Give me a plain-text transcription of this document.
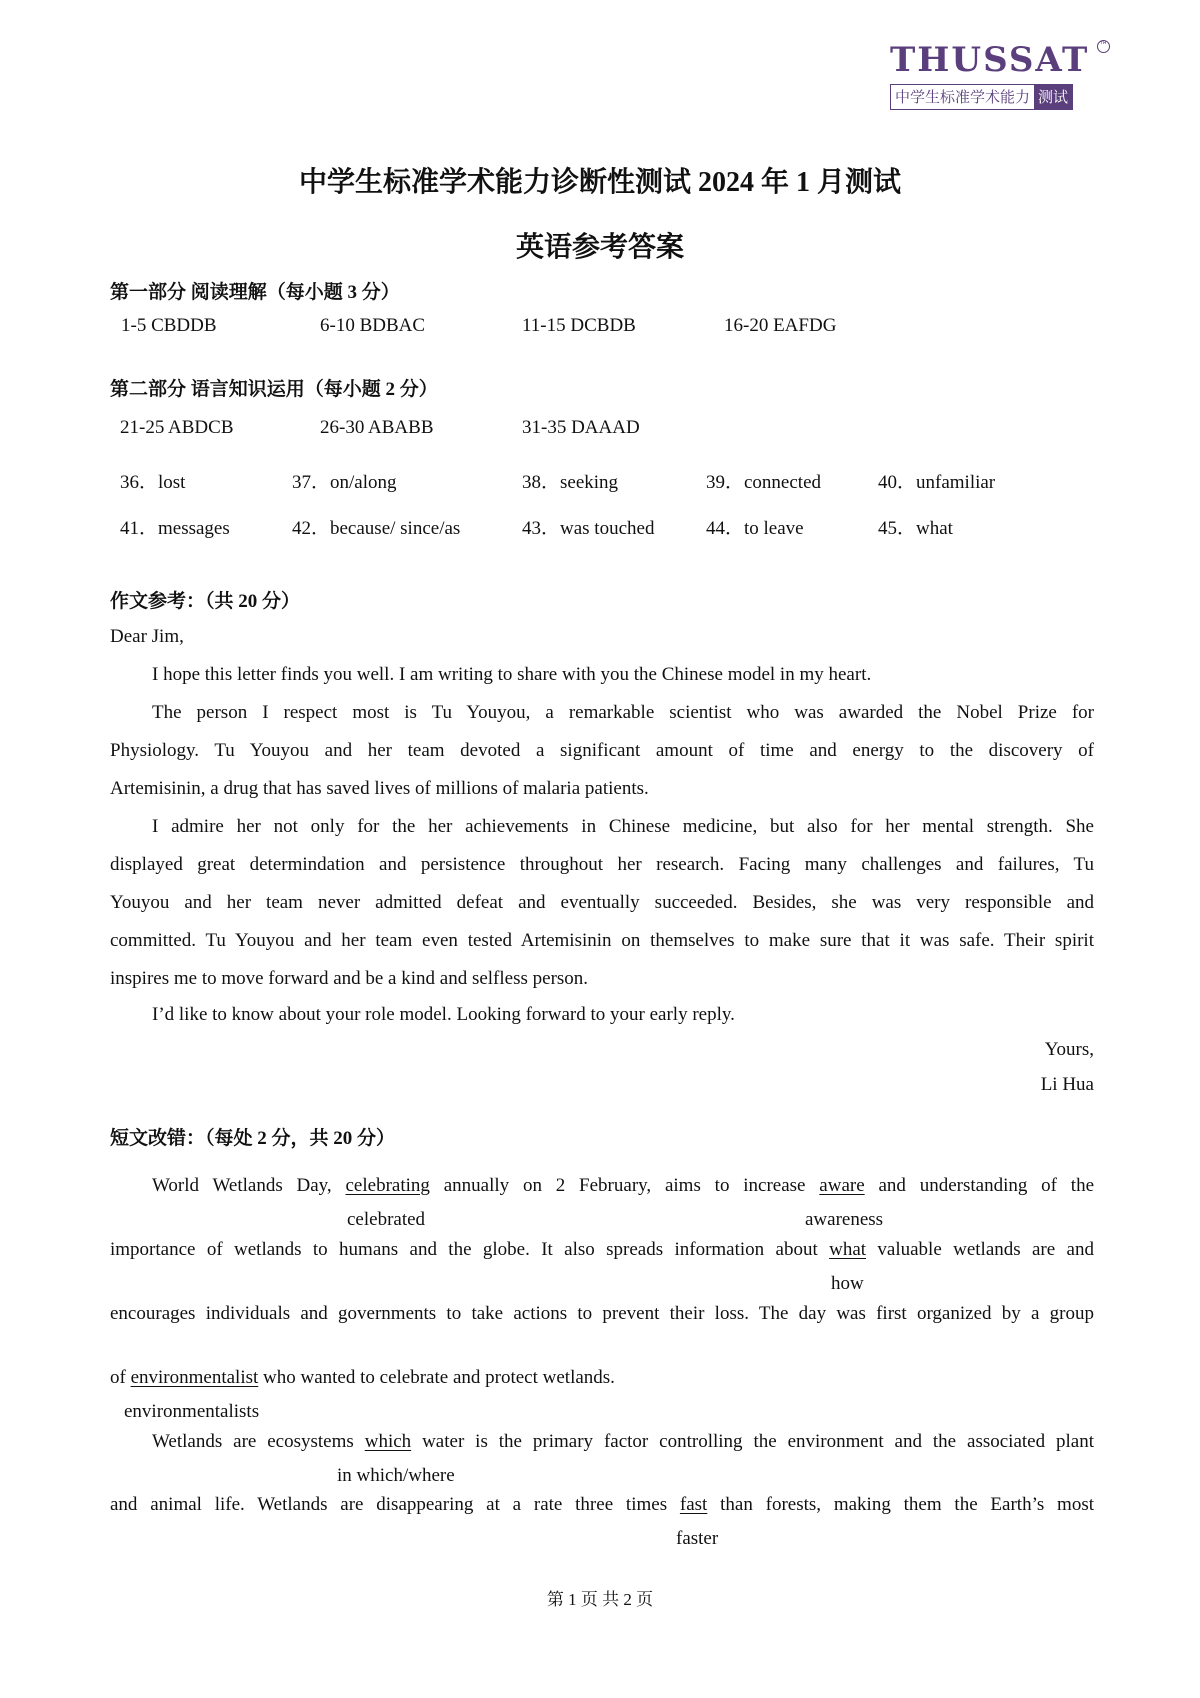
THUSSAT ™
中学生标准学术能力 测试
中学生标准学术能力诊断性测试 2024 年 1 月测试
英语参考答案
第一部分 阅读理解（每小题 3 分）
1-5 CBDDB	6-10 BDBAC	11-15 DCBDB	16-20 EAFDG
第二部分 语言知识运用（每小题 2 分）
21-25 ABDCB	26-30 ABABB	31-35 DAAAD
36．lost	37．on/along	38．seeking	39．connected	40．unfamiliar
41．messages	42．because/ since/as	43．was touched	44．to leave	45．what
作文参考：（共 20 分）
Dear Jim,
I hope this letter finds you well. I am writing to share with you the Chinese model in my heart.
The person I respect most is Tu Youyou, a remarkable scientist who was awarded the Nobel Prize for
Physiology. Tu Youyou and her team devoted a significant amount of time and energy to the discovery of
Artemisinin, a drug that has saved lives of millions of malaria patients.
I admire her not only for the her achievements in Chinese medicine, but also for her mental strength. She
displayed great determindation and persistence throughout her research. Facing many challenges and failures, Tu
Youyou and her team never admitted defeat and eventually succeeded. Besides, she was very responsible and
committed. Tu Youyou and her team even tested Artemisinin on themselves to make sure that it was safe. Their spirit
inspires me to move forward and be a kind and selfless person.
I’d like to know about your role model. Looking forward to your early reply.
Yours,
Li Hua
短文改错：（每处 2 分，共 20 分）
World Wetlands Day, celebrating annually on 2 February, aims to increase aware and understanding of the
celebrated	awareness
importance of wetlands to humans and the globe. It also spreads information about what valuable wetlands are and
how
encourages individuals and governments to take actions to prevent their loss. The day was first organized by a group
of environmentalist who wanted to celebrate and protect wetlands.
environmentalists
Wetlands are ecosystems which water is the primary factor controlling the environment and the associated plant
in which/where
and animal life. Wetlands are disappearing at a rate three times fast than forests, making them the Earth’s most
faster
第 1 页 共 2 页
